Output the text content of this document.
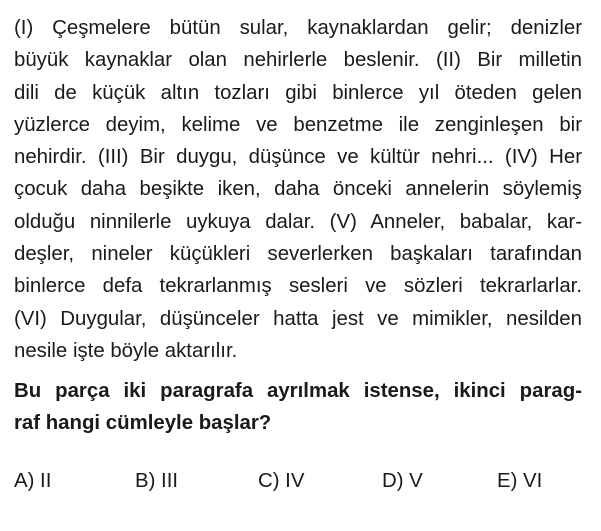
(I) Çeşmelere bütün sular, kaynaklardan gelir; denizler
büyük kaynaklar olan nehirlerle beslenir. (II) Bir milletin
dili de küçük altın tozları gibi binlerce yıl öteden gelen
yüzlerce deyim, kelime ve benzetme ile zenginleşen bir
nehirdir. (III) Bir duygu, düşünce ve kültür nehri... (IV) Her
çocuk daha beşikte iken, daha önceki annelerin söylemiş
olduğu ninnilerle uykuya dalar. (V) Anneler, babalar, kar-
deşler, nineler küçükleri severlerken başkaları tarafından
binlerce defa tekrarlanmış sesleri ve sözleri tekrarlarlar.
(VI) Duygular, düşünceler hatta jest ve mimikler, nesilden
nesile işte böyle aktarılır.
Bu parça iki paragrafa ayrılmak istense, ikinci parag-
raf hangi cümleyle başlar?
A) II	B) III	C) IV	D) V	E) VI
